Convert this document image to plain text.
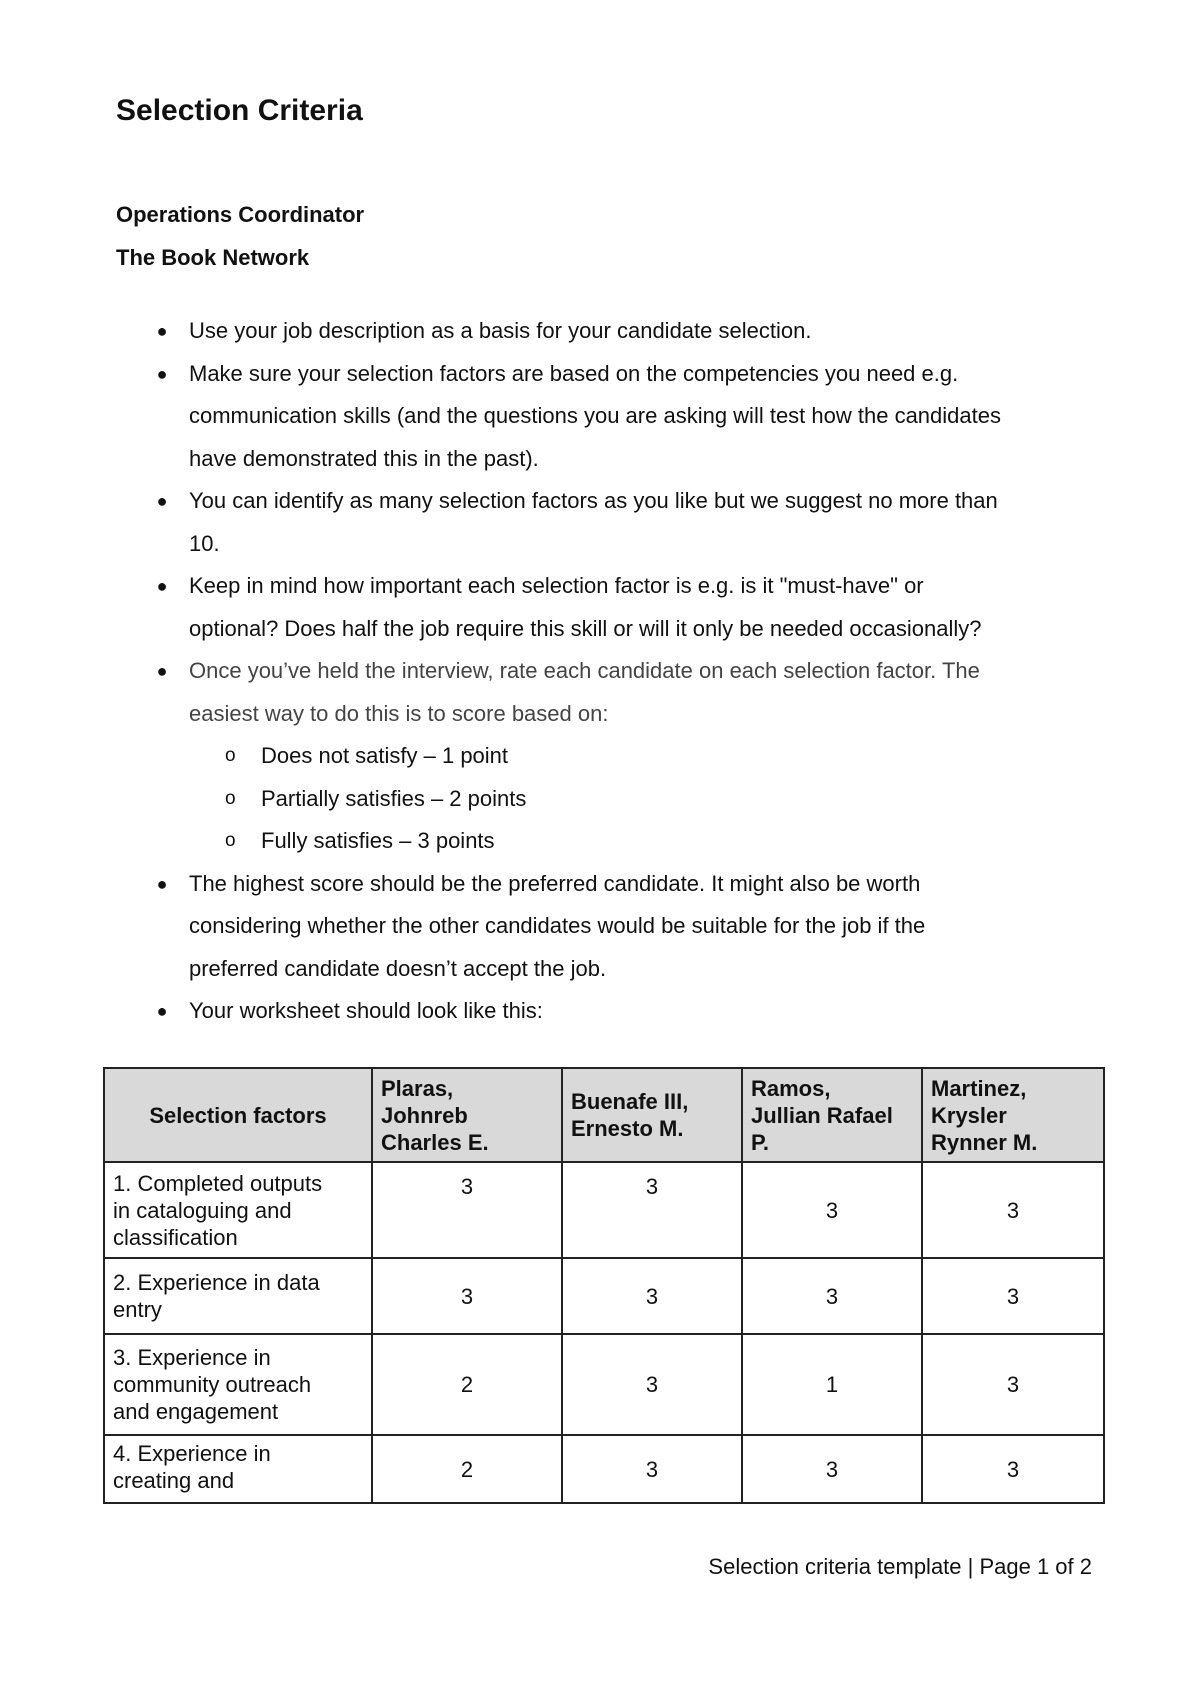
Selection Criteria
Operations Coordinator
The Book Network
● Use your job description as a basis for your candidate selection.
● Make sure your selection factors are based on the competencies you need e.g.
communication skills (and the questions you are asking will test how the candidates
have demonstrated this in the past).
● You can identify as many selection factors as you like but we suggest no more than
10.
● Keep in mind how important each selection factor is e.g. is it "must-have" or
optional? Does half the job require this skill or will it only be needed occasionally?
● Once you’ve held the interview, rate each candidate on each selection factor. The
easiest way to do this is to score based on:
o Does not satisfy – 1 point
o Partially satisfies – 2 points
o Fully satisfies – 3 points
● The highest score should be the preferred candidate. It might also be worth
considering whether the other candidates would be suitable for the job if the
preferred candidate doesn’t accept the job.
● Your worksheet should look like this:
Selection factors	Plaras,
Johnreb
Charles E.	Buenafe III,
Ernesto M.	Ramos,
Jullian Rafael
P.	Martinez,
Krysler
Rynner M.
1. Completed outputs
in cataloguing and
classification	3	3	3	3
2. Experience in data
entry	3	3	3	3
3. Experience in
community outreach
and engagement	2	3	1	3
4. Experience in
creating and	2	3	3	3
Selection criteria template | Page 1 of 2
